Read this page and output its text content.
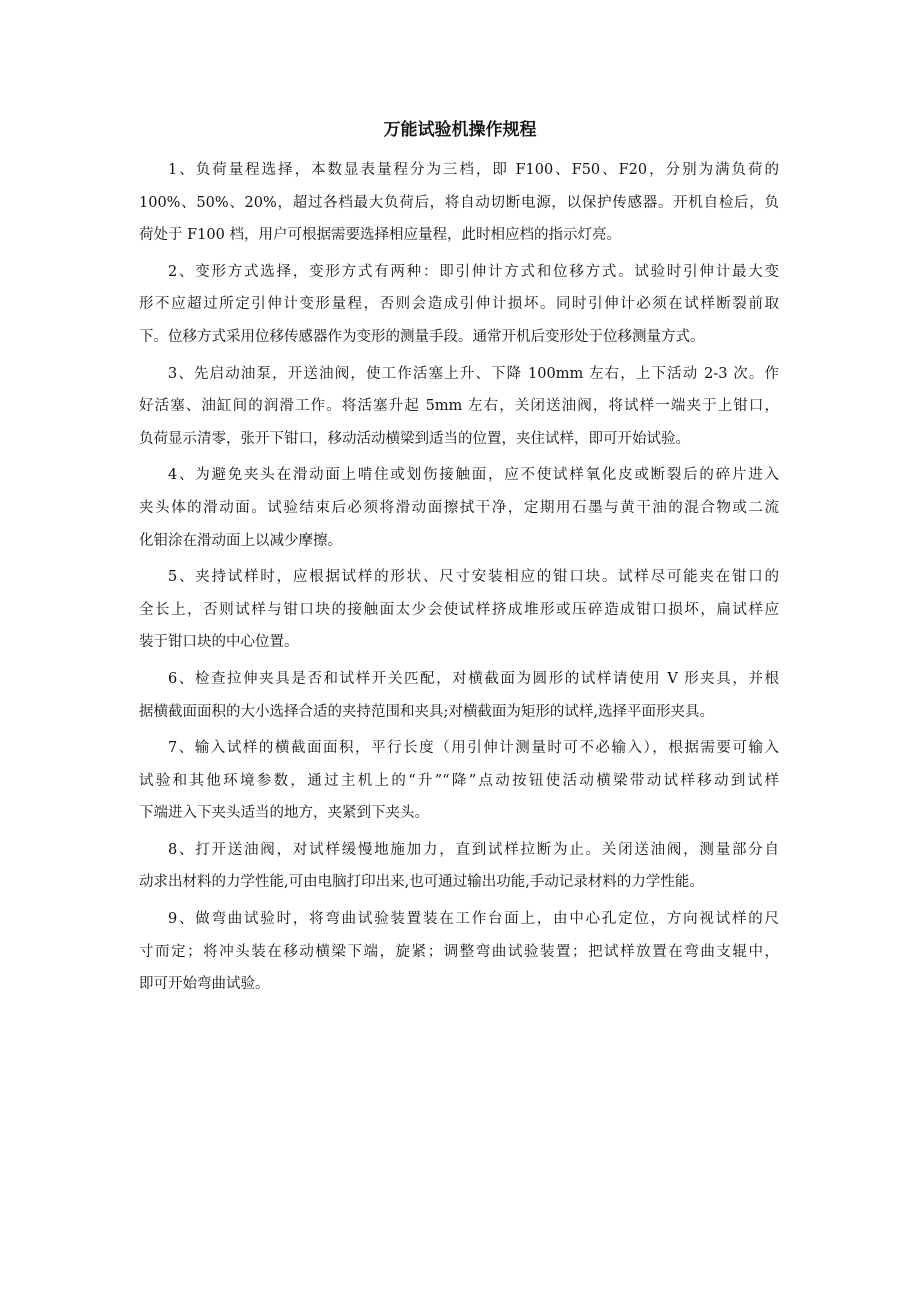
万能试验机操作规程
1、负荷量程选择，本数显表量程分为三档，即 F100、F50、F20，分别为满负荷的
100%、50%、20%，超过各档最大负荷后，将自动切断电源，以保护传感器。开机自检后，负
荷处于 F100 档，用户可根据需要选择相应量程，此时相应档的指示灯亮。
2、变形方式选择，变形方式有两种：即引伸计方式和位移方式。试验时引伸计最大变
形不应超过所定引伸计变形量程，否则会造成引伸计损坏。同时引伸计必须在试样断裂前取
下。位移方式采用位移传感器作为变形的测量手段。通常开机后变形处于位移测量方式。
3、先启动油泵，开送油阀，使工作活塞上升、下降 100mm 左右，上下活动 2-3 次。作
好活塞、油缸间的润滑工作。将活塞升起 5mm 左右，关闭送油阀，将试样一端夹于上钳口，
负荷显示清零，张开下钳口，移动活动横梁到适当的位置，夹住试样，即可开始试验。
4、为避免夹头在滑动面上啃住或划伤接触面，应不使试样氧化皮或断裂后的碎片进入
夹头体的滑动面。试验结束后必须将滑动面擦拭干净，定期用石墨与黄干油的混合物或二流
化钼涂在滑动面上以减少摩擦。
5、夹持试样时，应根据试样的形状、尺寸安装相应的钳口块。试样尽可能夹在钳口的
全长上，否则试样与钳口块的接触面太少会使试样挤成堆形或压碎造成钳口损坏，扁试样应
装于钳口块的中心位置。
6、检查拉伸夹具是否和试样开关匹配，对横截面为圆形的试样请使用 V 形夹具，并根
据横截面面积的大小选择合适的夹持范围和夹具;对横截面为矩形的试样,选择平面形夹具。
7、输入试样的横截面面积，平行长度（用引伸计测量时可不必输入），根据需要可输入
试验和其他环境参数，通过主机上的“升”“降”点动按钮使活动横梁带动试样移动到试样
下端进入下夹头适当的地方，夹紧到下夹头。
8、打开送油阀，对试样缓慢地施加力，直到试样拉断为止。关闭送油阀，测量部分自
动求出材料的力学性能,可由电脑打印出来,也可通过输出功能,手动记录材料的力学性能。
9、做弯曲试验时，将弯曲试验装置装在工作台面上，由中心孔定位，方向视试样的尺
寸而定；将冲头装在移动横梁下端，旋紧；调整弯曲试验装置；把试样放置在弯曲支辊中，
即可开始弯曲试验。
